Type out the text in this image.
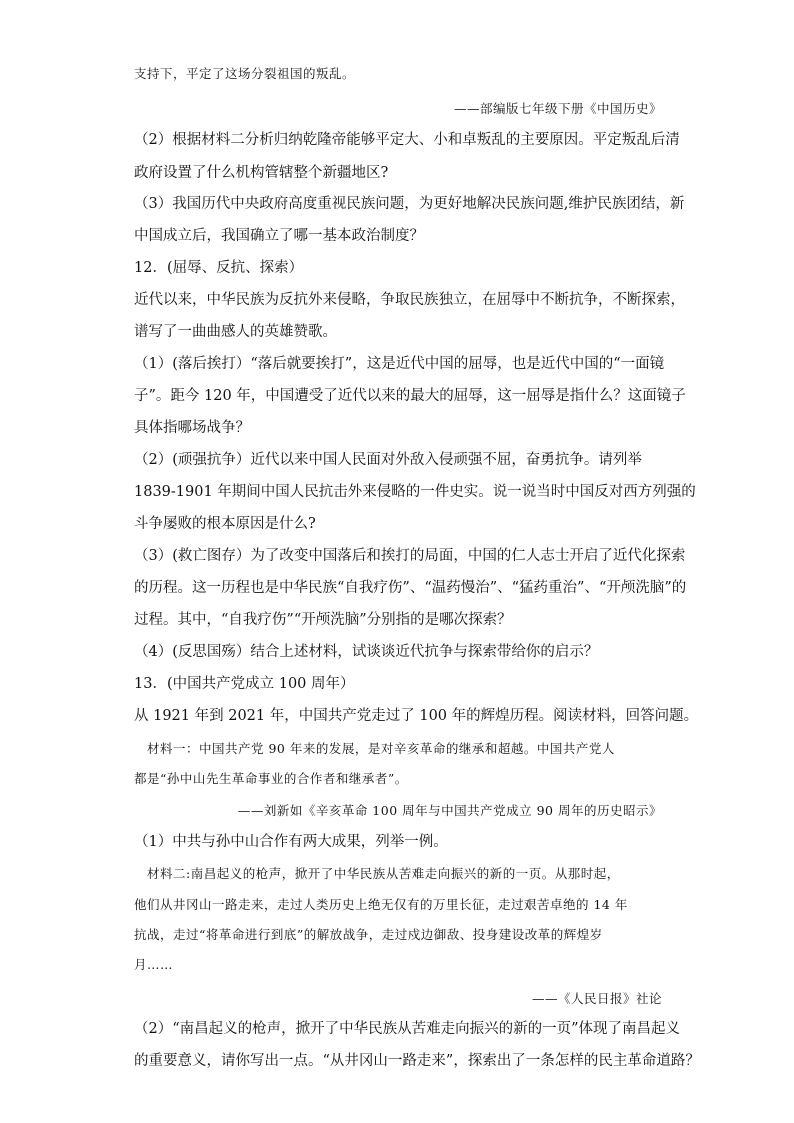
支持下，平定了这场分裂祖国的叛乱。
——部编版七年级下册《中国历史》
（2）根据材料二分析归纳乾隆帝能够平定大、小和卓叛乱的主要原因。平定叛乱后清
政府设置了什么机构管辖整个新疆地区?
（3）我国历代中央政府高度重视民族问题，为更好地解决民族问题,维护民族团结，新
中国成立后，我国确立了哪一基本政治制度？
12．(屈辱、反抗、探索）
近代以来，中华民族为反抗外来侵略，争取民族独立，在屈辱中不断抗争，不断探索，
谱写了一曲曲感人的英雄赞歌。
（1）(落后挨打）“落后就要挨打”，这是近代中国的屈辱，也是近代中国的“一面镜
子”。距今 120 年，中国遭受了近代以来的最大的屈辱，这一屈辱是指什么？这面镜子
具体指哪场战争？
（2）(顽强抗争）近代以来中国人民面对外敌入侵顽强不屈，奋勇抗争。请列举
1839-1901 年期间中国人民抗击外来侵略的一件史实。说一说当时中国反对西方列强的
斗争屡败的根本原因是什么?
（3）(救亡图存）为了改变中国落后和挨打的局面，中国的仁人志士开启了近代化探索
的历程。这一历程也是中华民族“自我疗伤”、“温药慢治”、“猛药重治”、“开颅洗脑”的
过程。其中，“自我疗伤”“开颅洗脑”分别指的是哪次探索？
（4）(反思国殇）结合上述材料，试谈谈近代抗争与探索带给你的启示？
13．(中国共产党成立 100 周年）
从 1921 年到 2021 年，中国共产党走过了 100 年的辉煌历程。阅读材料，回答问题。
材料一：中国共产党 90 年来的发展，是对辛亥革命的继承和超越。中国共产党人
都是“孙中山先生革命事业的合作者和继承者”。
——刘新如《辛亥革命 100 周年与中国共产党成立 90 周年的历史昭示》
（1）中共与孙中山合作有两大成果，列举一例。
材料二:南昌起义的枪声，掀开了中华民族从苦难走向振兴的新的一页。从那时起，
他们从井冈山一路走来，走过人类历史上绝无仅有的万里长征，走过艰苦卓绝的 14 年
抗战，走过“将革命进行到底”的解放战争，走过戍边御敌、投身建设改革的辉煌岁
月……
——《人民日报》社论
（2）“南昌起义的枪声，掀开了中华民族从苦难走向振兴的新的一页”体现了南昌起义
的重要意义，请你写出一点。“从井冈山一路走来”，探索出了一条怎样的民主革命道路？
